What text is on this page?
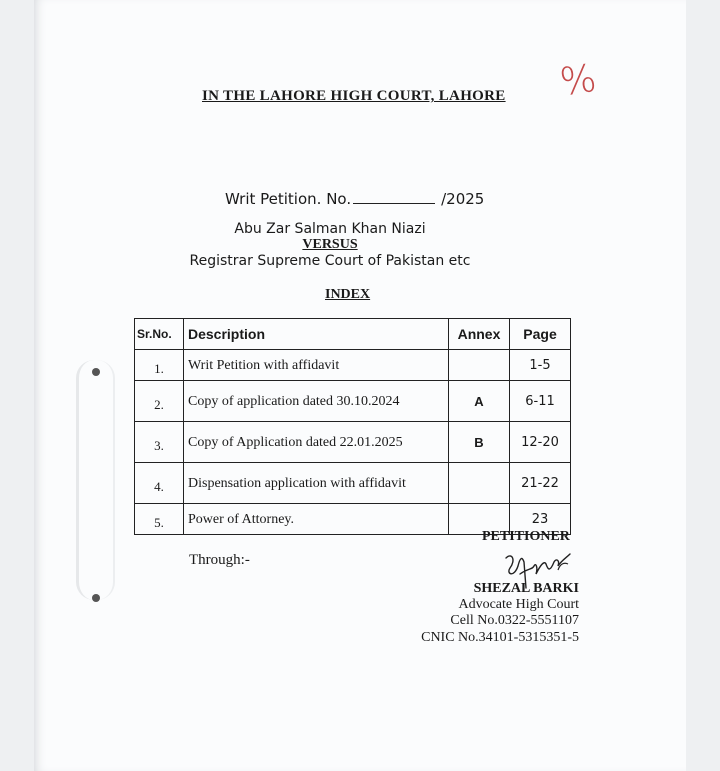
IN THE LAHORE HIGH COURT, LAHORE %
Writ Petition. No.	/2025
Abu Zar Salman Khan Niazi
VERSUS
Registrar Supreme Court of Pakistan etc
INDEX
Sr.No.	Description	Annex	Page
1.	Writ Petition with affidavit		1-5
2.	Copy of application dated 30.10.2024	A	6-11
3.	Copy of Application dated 22.01.2025	B	12-20
4.	Dispensation application with affidavit		21-22
5.	Power of Attorney.		23
PETITIONER
Through:-
SHEZAL BARKI
Advocate High Court
Cell No.0322-5551107
CNIC No.34101-5315351-5
